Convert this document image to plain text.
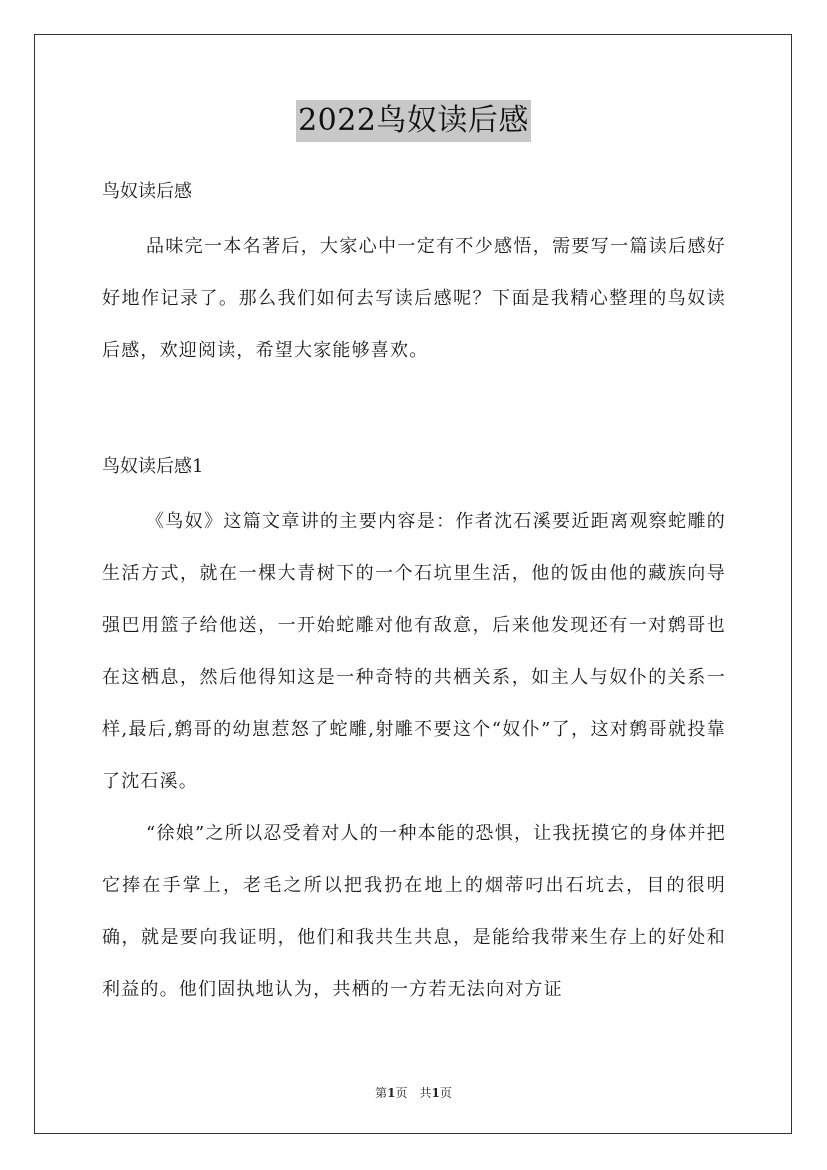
2022鸟奴读后感

鸟奴读后感

品味完一本名著后，大家心中一定有不少感悟，需要写一篇读后感好好地作记录了。那么我们如何去写读后感呢？下面是我精心整理的鸟奴读后感，欢迎阅读，希望大家能够喜欢。

鸟奴读后感1

《鸟奴》这篇文章讲的主要内容是：作者沈石溪要近距离观察蛇雕的生活方式，就在一棵大青树下的一个石坑里生活，他的饭由他的藏族向导强巴用篮子给他送，一开始蛇雕对他有敌意，后来他发现还有一对鹩哥也在这栖息，然后他得知这是一种奇特的共栖关系，如主人与奴仆的关系一样,最后,鹩哥的幼崽惹怒了蛇雕,射雕不要这个“奴仆”了，这对鹩哥就投靠了沈石溪。

“徐娘”之所以忍受着对人的一种本能的恐惧，让我抚摸它的身体并把它捧在手掌上，老毛之所以把我扔在地上的烟蒂叼出石坑去，目的很明确，就是要向我证明，他们和我共生共息，是能给我带来生存上的好处和利益的。他们固执地认为，共栖的一方若无法向对方证

第1页　共1页
